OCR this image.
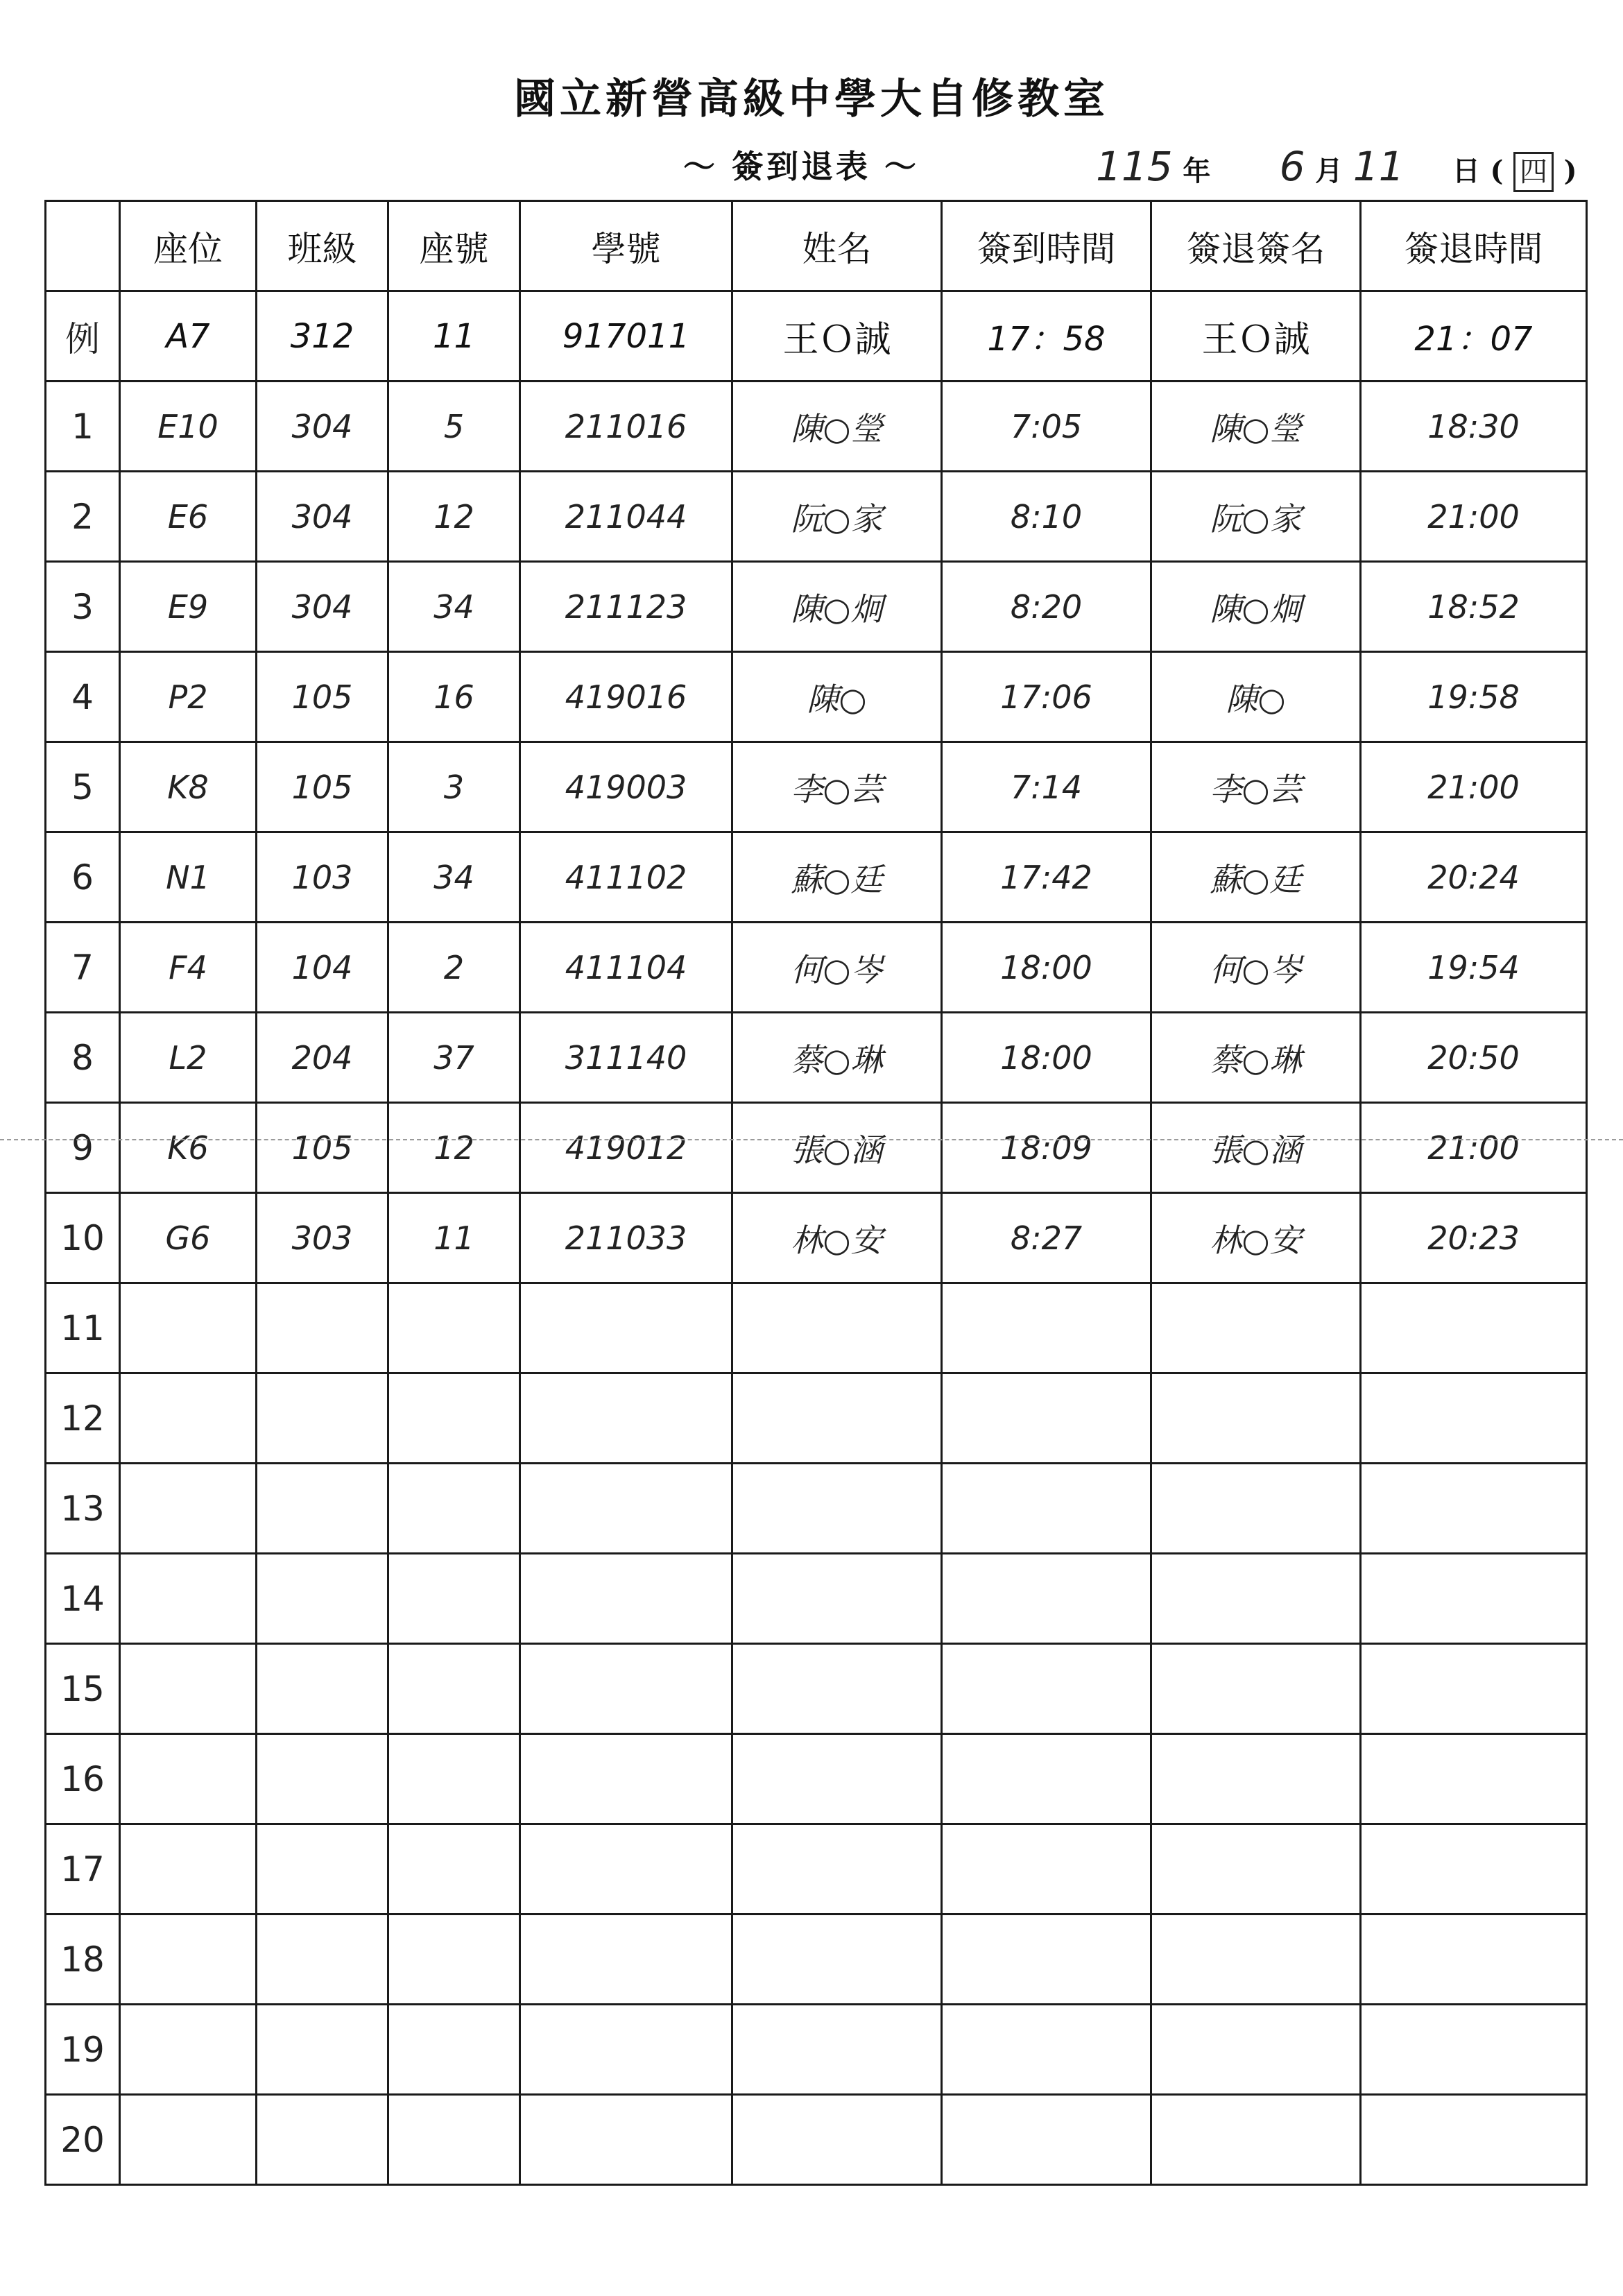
國立新營高級中學大自修教室
～ 簽到退表 ～	115 年 6 月 11 日 ( 四 )
	座位	班級	座號	學號	姓名	簽到時間	簽退簽名	簽退時間
例	A7	312	11	917011	王Ｏ誠	17：58	王Ｏ誠	21：07
1	E10	304	5	211016	陳○瑩	7:05	陳○瑩	18:30
2	E6	304	12	211044	阮○家	8:10	阮○家	21:00
3	E9	304	34	211123	陳○炯	8:20	陳○炯	18:52
4	P2	105	16	419016	陳○	17:06	陳○	19:58
5	K8	105	3	419003	李○芸	7:14	李○芸	21:00
6	N1	103	34	411102	蘇○廷	17:42	蘇○廷	20:24
7	F4	104	2	411104	何○岑	18:00	何○岑	19:54
8	L2	204	37	311140	蔡○琳	18:00	蔡○琳	20:50
9	K6	105	12	419012	張○涵	18:09	張○涵	21:00
10	G6	303	11	211033	林○安	8:27	林○安	20:23
11								
12								
13								
14								
15								
16								
17								
18								
19								
20								
